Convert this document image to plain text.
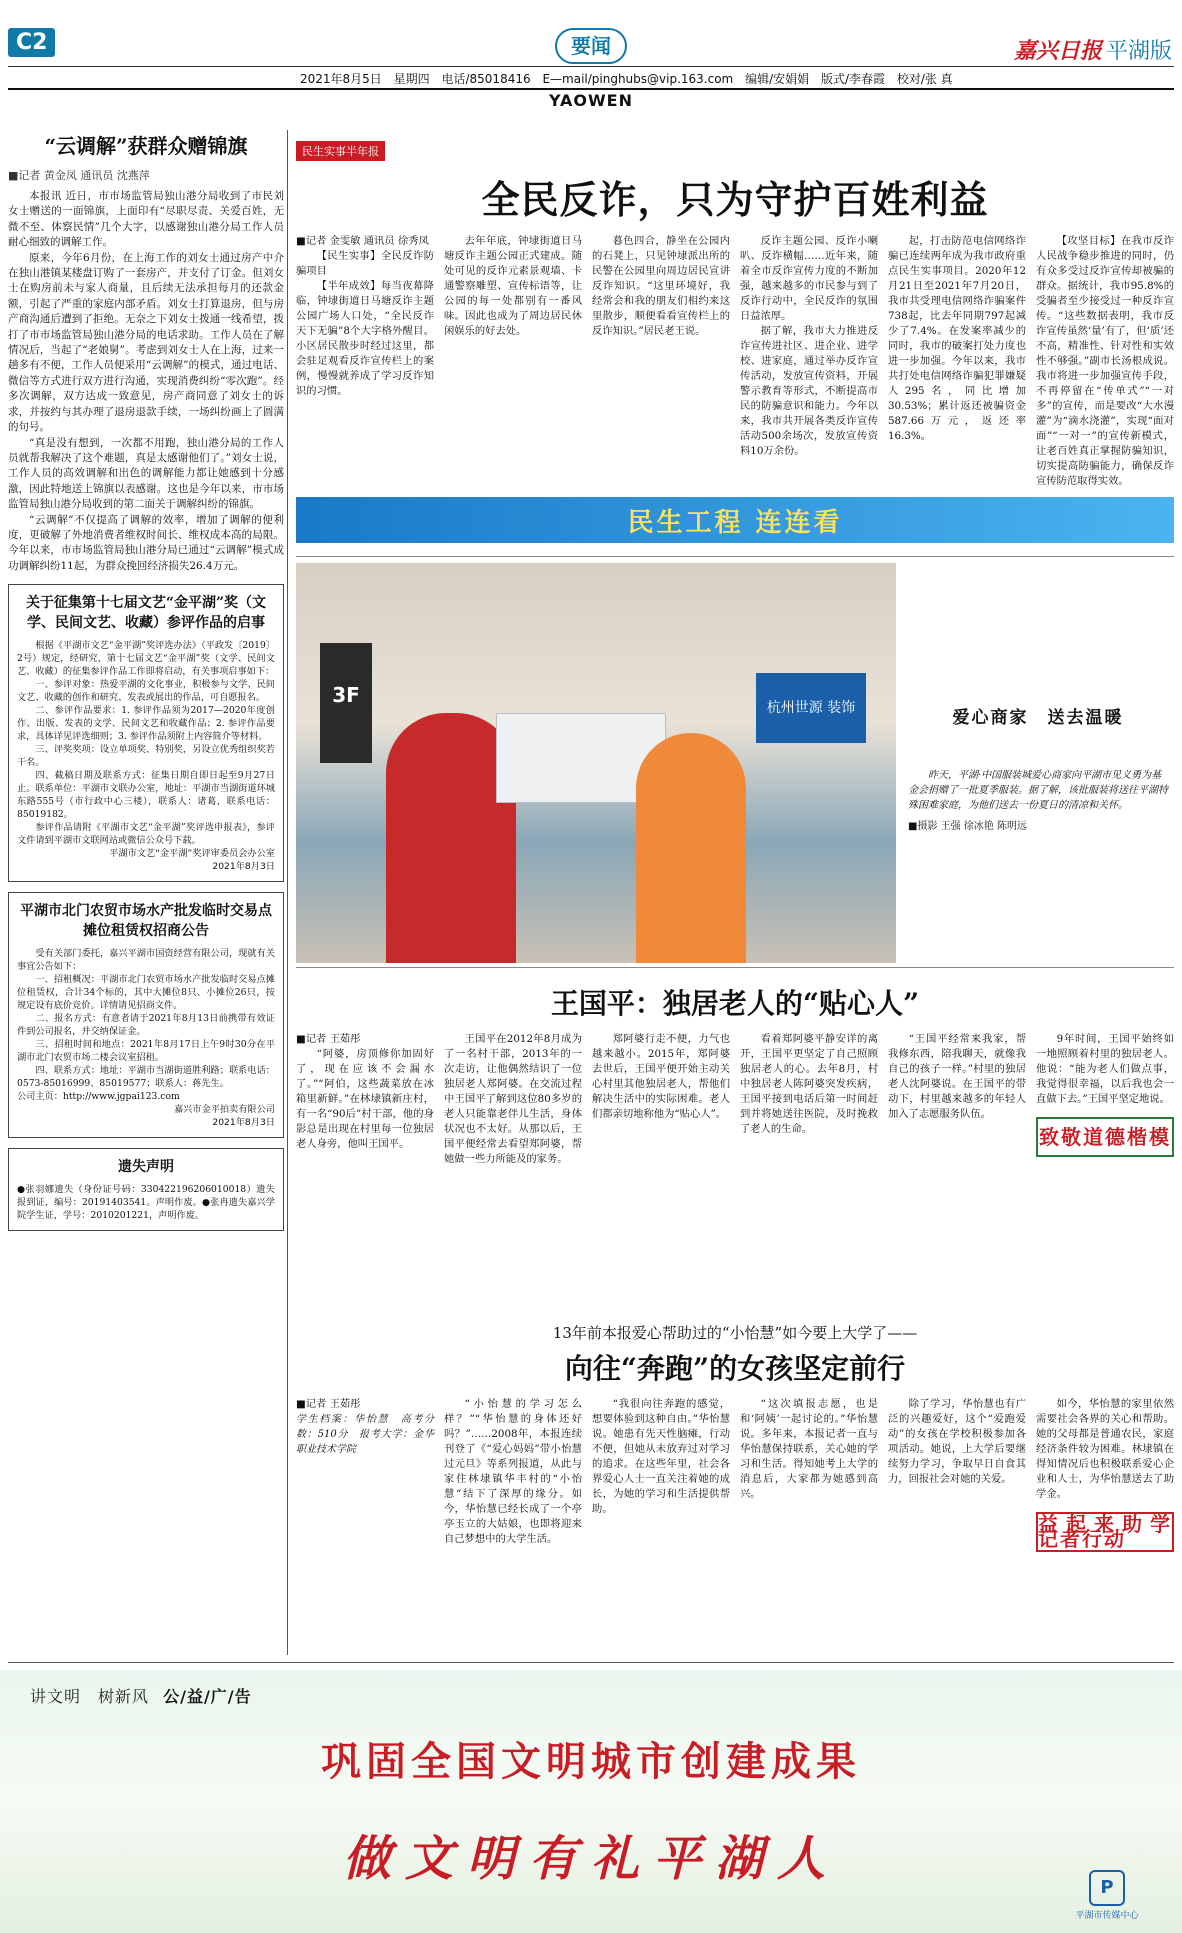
C2	要闻	嘉兴日报 平湖版
2021年8月5日 星期四 电话/85018416 E—mail/pinghubs@vip.163.com 编辑/安娟娟 版式/李春霞 校对/张 真
YAOWEN
“云调解”获群众赠锦旗
■记者 黄金凤 通讯员 沈燕萍

本报讯 近日，市市场监管局独山港分局收到了市民刘女士赠送的一面锦旗，上面印有“尽职尽责、关爱百姓，无微不至、体察民情”几个大字，以感谢独山港分局工作人员耐心细致的调解工作。

原来，今年6月份，在上海工作的刘女士通过房产中介在独山港镇某楼盘订购了一套房产，并支付了订金。但刘女士在购房前未与家人商量，且后续无法承担每月的还款金额，引起了严重的家庭内部矛盾。刘女士打算退房，但与房产商沟通后遭到了拒绝。无奈之下刘女士拨通一线希望，拨打了市市场监管局独山港分局的电话求助。工作人员在了解情况后，当起了“老娘舅”。考虑到刘女士人在上海，过来一趟多有不便，工作人员便采用“云调解”的模式，通过电话、微信等方式进行双方进行沟通，实现消费纠纷“零次跑”。经多次调解，双方达成一致意见，房产商同意了刘女士的诉求，并按约与其办理了退房退款手续，一场纠纷画上了圆满的句号。

“真是没有想到，一次都不用跑，独山港分局的工作人员就帮我解决了这个难题，真是太感谢他们了。”刘女士说，工作人员的高效调解和出色的调解能力都让她感到十分感激，因此特地送上锦旗以表感谢。这也是今年以来，市市场监管局独山港分局收到的第二面关于调解纠纷的锦旗。

“云调解”不仅提高了调解的效率，增加了调解的便利度，更破解了外地消费者维权时间长、维权成本高的局限。今年以来，市市场监管局独山港分局已通过“云调解”模式成功调解纠纷11起，为群众挽回经济损失26.4万元。

关于征集第十七届文艺“金平湖”奖（文学、民间文艺、收藏）参评作品的启事

根据《平湖市文艺“金平湖”奖评选办法》（平政发〔2019〕2号）规定，经研究，第十七届文艺“金平湖”奖（文学、民间文艺、收藏）的征集参评作品工作即将启动，有关事项启事如下：

一、参评对象：热爱平湖的文化事业，积极参与文学、民间文艺、收藏的创作和研究、发表或展出的作品，可自愿报名。

二、参评作品要求：1. 参评作品须为2017—2020年度创作、出版、发表的文学、民间文艺和收藏作品；2. 参评作品要求，具体详见评选细则；3. 参评作品须附上内容简介等材料。

三、评奖奖项：设立单项奖、特别奖，另设立优秀组织奖若干名。

四、截稿日期及联系方式：征集日期自即日起至9月27日止。联系单位：平湖市文联办公室，地址：平湖市当湖街道环城东路555号（市行政中心三楼），联系人：诸葛，联系电话：85019182。

参评作品请附《平湖市文艺“金平湖”奖评选申报表》，参评文件请到平湖市文联网站或微信公众号下载。

平湖市文艺“金平湖”奖评审委员会办公室
2021年8月3日
平湖市北门农贸市场水产批发临时交易点摊位租赁权招商公告

受有关部门委托，嘉兴平湖市国资经营有限公司，现就有关事宜公告如下：

一、招租概况：平湖市北门农贸市场水产批发临时交易点摊位租赁权，合计34个标的，其中大摊位8只、小摊位26只，按规定设有底价竞价。详情请见招商文件。

二、报名方式：有意者请于2021年8月13日前携带有效证件到公司报名，并交纳保证金。

三、招租时间和地点：2021年8月17日上午9时30分在平湖市北门农贸市场二楼会议室招租。

四、联系方式：地址：平湖市当湖街道胜利路；联系电话：0573-85016999、85019577；联系人：蒋先生。

公司主页：http://www.jgpai123.com
嘉兴市金平拍卖有限公司
2021年8月3日
遗失声明
●张羽娜遗失（身份证号码：330422196206010018）遗失报到证，编号：20191403541。声明作废。●张冉遗失嘉兴学院学生证，学号：2010201221，声明作废。
民生实事半年报
全民反诈，只为守护百姓利益
■记者 金雯敏 通讯员 徐秀凤
【民生实事】全民反诈防骗项目
【半年成效】每当夜幕降临，钟埭街道日马塘反诈主题公园广场人口处，“全民反诈 天下无骗”8个大字格外醒目。小区居民散步时经过这里，都会驻足观看反诈宣传栏上的案例，慢慢就养成了学习反诈知识的习惯。
去年年底，钟埭街道日马塘反诈主题公园正式建成。随处可见的反诈元素景观墙、卡通警察雕塑、宣传标语等，让公园的每一处都别有一番风味。因此也成为了周边居民休闲娱乐的好去处。
暮色四合，静坐在公园内的石凳上，只见钟埭派出所的民警在公园里向周边居民宣讲反诈知识。“这里环境好，我经常会和我的朋友们相约来这里散步，顺便看看宣传栏上的反诈知识。”居民老王说。
反诈主题公园、反诈小喇叭、反诈横幅……近年来，随着全市反诈宣传力度的不断加强，越来越多的市民参与到了反诈行动中，全民反诈的氛围日益浓厚。
据了解，我市大力推进反诈宣传进社区、进企业、进学校、进家庭，通过举办反诈宣传活动，发放宣传资料，开展警示教育等形式，不断提高市民的防骗意识和能力。今年以来，我市共开展各类反诈宣传活动500余场次，发放宣传资料10万余份。
起，打击防范电信网络诈骗已连续两年成为我市政府重点民生实事项目。2020年12月21日至2021年7月20日，我市共受理电信网络诈骗案件738起，比去年同期797起减少了7.4%。在发案率减少的同时，我市的破案打处力度也进一步加强。今年以来，我市共打处电信网络诈骗犯罪嫌疑人295名，同比增加30.53%；累计返还被骗资金587.66万元，返还率16.3%。
【攻坚目标】在我市反诈人民战争稳步推进的同时，仍有众多受过反诈宣传却被骗的群众。据统计，我市95.8%的受骗者至少接受过一种反诈宣传。“这些数据表明，我市反诈宣传虽然‘量’有了，但‘质’还不高，精准性、针对性和实效性不够强。”副市长汤根成说。我市将进一步加强宣传手段，不再停留在“传单式”“一对多”的宣传，而是要改“大水漫灌”为“滴水浇灌”，实现“面对面”“一对一”的宣传新模式，让老百姓真正掌握防骗知识，切实提高防骗能力，确保反诈宣传防范取得实效。
民生工程 连连看
3F
杭州世源 装饰	爱心商家　送去温暖
昨天，平湖·中国服装城爱心商家向平湖市见义勇为基金会捐赠了一批夏季服装。据了解，该批服装将送往平湖特殊困难家庭，为他们送去一份夏日的清凉和关怀。
■摄影 王强 徐冰艳 陈明远
王国平：独居老人的“贴心人”
■记者 王茹彤
“阿婆，房顶修你加固好了，现在应该不会漏水了。”“阿伯，这些蔬菜放在冰箱里新鲜。”在林埭镇新庄村，有一名“90后”村干部，他的身影总是出现在村里每一位独居老人身旁，他叫王国平。
王国平在2012年8月成为了一名村干部，2013年的一次走访，让他偶然结识了一位独居老人郑阿婆。在交流过程中王国平了解到这位80多岁的老人只能靠老伴儿生活，身体状况也不太好。从那以后，王国平便经常去看望郑阿婆，帮她做一些力所能及的家务。
郑阿婆行走不便，力气也越来越小。2015年，郑阿婆去世后，王国平便开始主动关心村里其他独居老人，帮他们解决生活中的实际困难。老人们都亲切地称他为“贴心人”。
看着郑阿婆平静安详的离开，王国平更坚定了自己照顾独居老人的心。去年8月，村中独居老人陈阿婆突发疾病，王国平接到电话后第一时间赶到并将她送往医院，及时挽救了老人的生命。
“王国平经常来我家，帮我修东西，陪我聊天，就像我自己的孩子一样。”村里的独居老人沈阿婆说。在王国平的带动下，村里越来越多的年轻人加入了志愿服务队伍。
9年时间，王国平始终如一地照顾着村里的独居老人。他说：“能为老人们做点事，我觉得很幸福，以后我也会一直做下去。”王国平坚定地说。
致敬道德楷模
13年前本报爱心帮助过的“小怡慧”如今要上大学了——
向往“奔跑”的女孩坚定前行
■记者 王茹彤
学生档案：华怡慧　高考分数：510分　报考大学：金华职业技术学院
“小怡慧的学习怎么样？”“华怡慧的身体还好吗？”……2008年，本报连续刊登了《“爱心妈妈”带小怡慧过元旦》等系列报道，从此与家住林埭镇华丰村的“小怡慧”结下了深厚的缘分。如今，华怡慧已经长成了一个亭亭玉立的大姑娘，也即将迎来自己梦想中的大学生活。
“我很向往奔跑的感觉，想要体验到这种自由。”华怡慧说。她患有先天性脑瘫，行动不便，但她从未放弃过对学习的追求。在这些年里，社会各界爱心人士一直关注着她的成长，为她的学习和生活提供帮助。
“这次填报志愿，也是和‘阿姨’一起讨论的。”华怡慧说。多年来，本报记者一直与华怡慧保持联系，关心她的学习和生活。得知她考上大学的消息后，大家都为她感到高兴。
除了学习，华怡慧也有广泛的兴趣爱好，这个“爱跑爱动”的女孩在学校积极参加各项活动。她说，上大学后要继续努力学习，争取早日自食其力，回报社会对她的关爱。
如今，华怡慧的家里依然需要社会各界的关心和帮助。她的父母都是普通农民，家庭经济条件较为困难。林埭镇在得知情况后也积极联系爱心企业和人士，为华怡慧送去了助学金。
益起来助学 记者行动
讲文明　树新风 公/益/广/告
巩固全国文明城市创建成果
做文明有礼平湖人
P
平湖市传媒中心
